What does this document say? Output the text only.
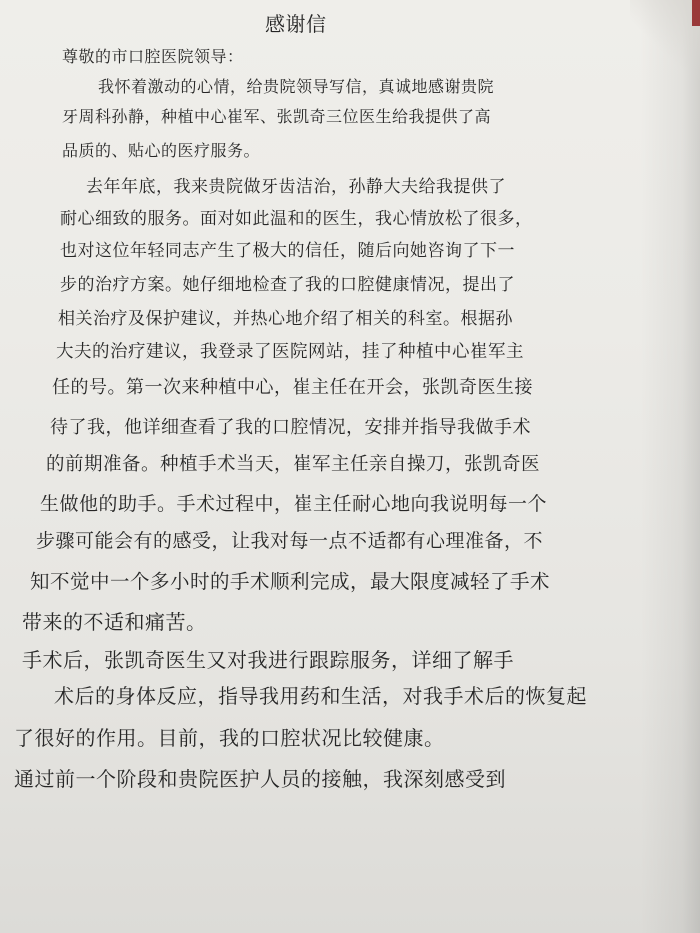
感谢信
尊敬的市口腔医院领导：
我怀着激动的心情，给贵院领导写信，真诚地感谢贵院
牙周科孙静，种植中心崔军、张凯奇三位医生给我提供了高
品质的、贴心的医疗服务。
去年年底，我来贵院做牙齿洁治，孙静大夫给我提供了
耐心细致的服务。面对如此温和的医生，我心情放松了很多，
也对这位年轻同志产生了极大的信任，随后向她咨询了下一
步的治疗方案。她仔细地检查了我的口腔健康情况，提出了
相关治疗及保护建议，并热心地介绍了相关的科室。根据孙
大夫的治疗建议，我登录了医院网站，挂了种植中心崔军主
任的号。第一次来种植中心，崔主任在开会，张凯奇医生接
待了我，他详细查看了我的口腔情况，安排并指导我做手术
的前期准备。种植手术当天，崔军主任亲自操刀，张凯奇医
生做他的助手。手术过程中，崔主任耐心地向我说明每一个
步骤可能会有的感受，让我对每一点不适都有心理准备，不
知不觉中一个多小时的手术顺利完成，最大限度减轻了手术
带来的不适和痛苦。
手术后，张凯奇医生又对我进行跟踪服务，详细了解手
术后的身体反应，指导我用药和生活，对我手术后的恢复起
了很好的作用。目前，我的口腔状况比较健康。
通过前一个阶段和贵院医护人员的接触，我深刻感受到
